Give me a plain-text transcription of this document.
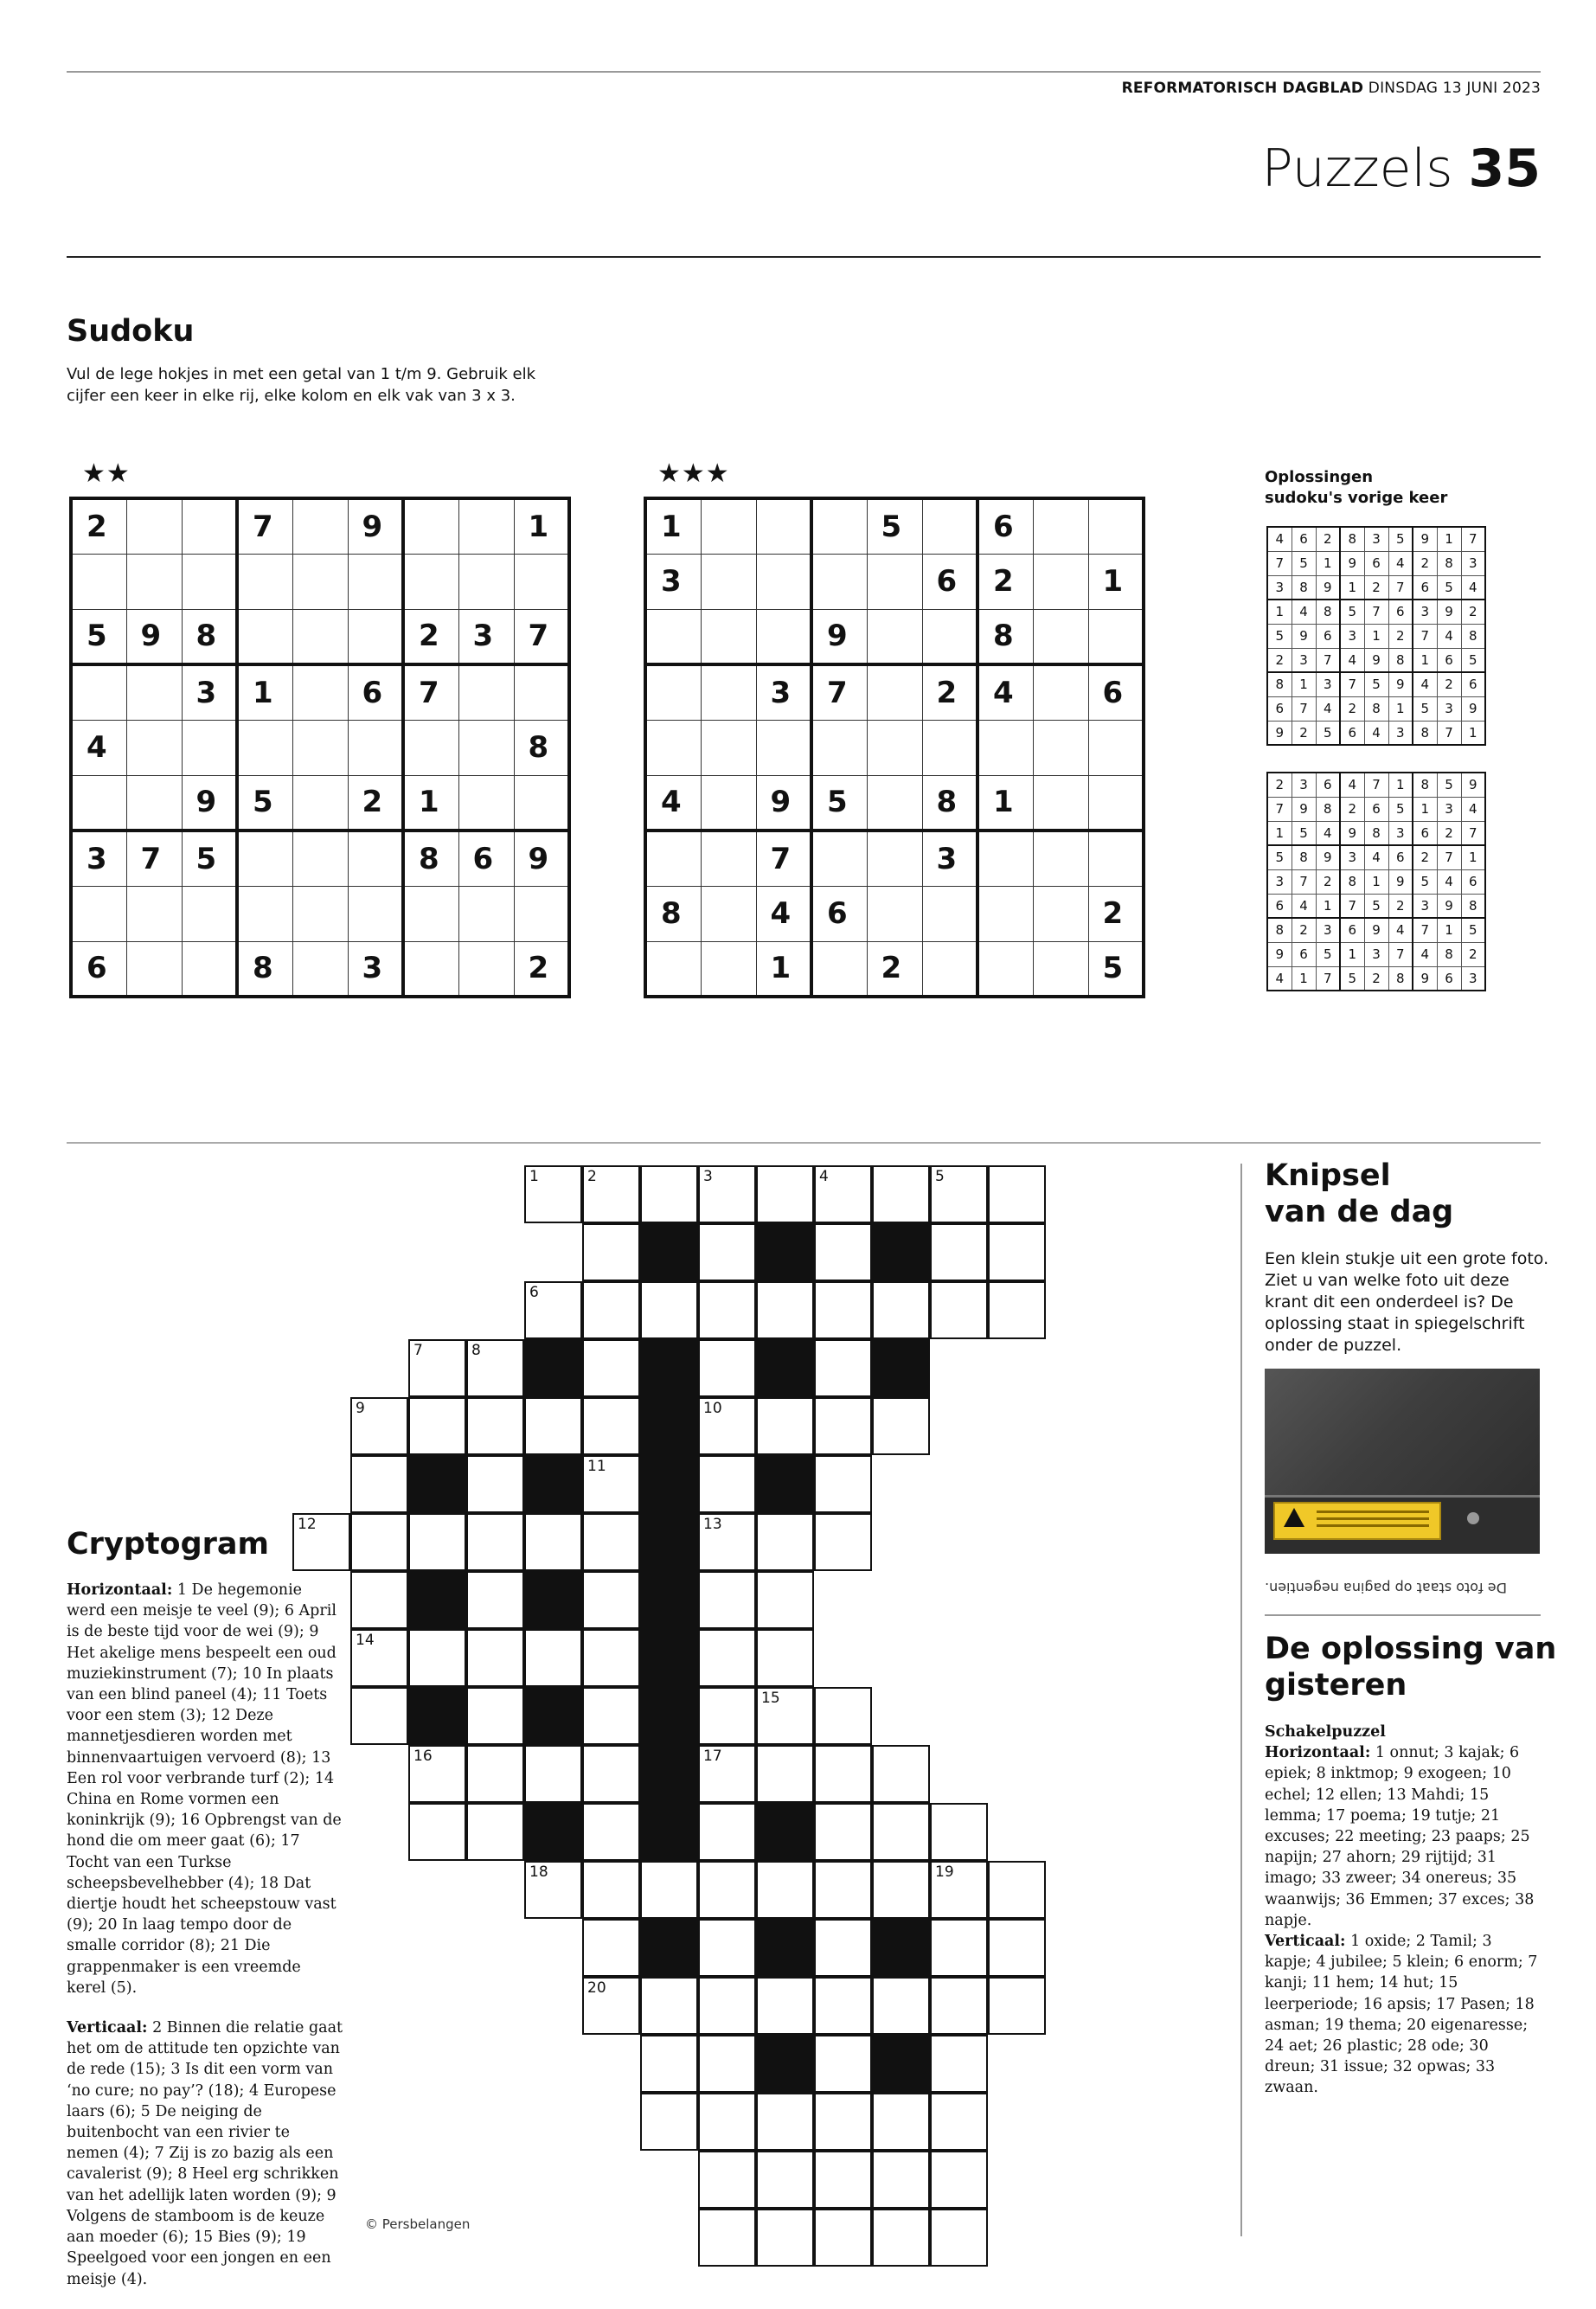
REFORMATORISCH DAGBLAD DINSDAG 13 JUNI 2023
Puzzels 35
Sudoku
Vul de lege hokjes in met een getal van 1 t/m 9. Gebruik elk cijfer een keer in elke rij, elke kolom en elk vak van 3 x 3.
★★
2			7		9			1

5	9	8				2	3	7
		3	1		6	7		
4								8
		9	5		2	1		
3	7	5				8	6	9

6			8		3			2
★★★
1				5		6		
3					6	2		1
			9			8		
		3	7		2	4		6

4		9	5		8	1		
		7			3			
8		4	6					2
		1		2				5
Oplossingen
sudoku's vorige keer
4	6	2	8	3	5	9	1	7
7	5	1	9	6	4	2	8	3
3	8	9	1	2	7	6	5	4
1	4	8	5	7	6	3	9	2
5	9	6	3	1	2	7	4	8
2	3	7	4	9	8	1	6	5
8	1	3	7	5	9	4	2	6
6	7	4	2	8	1	5	3	9
9	2	5	6	4	3	8	7	1
2	3	6	4	7	1	8	5	9
7	9	8	2	6	5	1	3	4
1	5	4	9	8	3	6	2	7
5	8	9	3	4	6	2	7	1
3	7	2	8	1	9	5	4	6
6	4	1	7	5	2	3	9	8
8	2	3	6	9	4	7	1	5
9	6	5	1	3	7	4	8	2
4	1	7	5	2	8	9	6	3
1	2	3	4	5
6
7	8
9	10
11
12	13
14
15
16	17
18	19
20
Cryptogram

Horizontaal: 1 De hegemonie werd een meisje te veel (9); 6 April is de beste tijd voor de wei (9); 9 Het akelige mens bespeelt een oud muziekinstrument (7); 10 In plaats van een blind paneel (4); 11 Toets voor een stem (3); 12 Deze mannetjesdieren worden met binnenvaartuigen vervoerd (8); 13 Een rol voor verbrande turf (2); 14 China en Rome vormen een koninkrijk (9); 16 Opbrengst van de hond die om meer gaat (6); 17 Tocht van een Turkse scheepsbevelhebber (4); 18 Dat diertje houdt het scheepstouw vast (9); 20 In laag tempo door de smalle corridor (8); 21 Die grappenmaker is een vreemde kerel (5).

Verticaal: 2 Binnen die relatie gaat het om de attitude ten opzichte van de rede (15); 3 Is dit een vorm van ‘no cure; no pay’? (18); 4 Europese laars (6); 5 De neiging de buitenbocht van een rivier te nemen (4); 7 Zij is zo bazig als een cavalerist (9); 8 Heel erg schrikken van het adellijk laten worden (9); 9 Volgens de stamboom is de keuze aan moeder (6); 15 Bies (9); 19 Speelgoed voor een jongen en een meisje (4).

© Persbelangen
Knipsel
van de dag
Een klein stukje uit een grote foto. Ziet u van welke foto uit deze krant dit een onderdeel is? De oplossing staat in spiegelschrift onder de puzzel.
De foto staat op pagina negentien.
De oplossing van
gisteren
Schakelpuzzel
Horizontaal: 1 onnut; 3 kajak; 6 epiek; 8 inktmop; 9 exogeen; 10 echel; 12 ellen; 13 Mahdi; 15 lemma; 17 poema; 19 tutje; 21 excuses; 22 meeting; 23 paaps; 25 napijn; 27 ahorn; 29 rijtijd; 31 imago; 33 zweer; 34 onereus; 35 waanwijs; 36 Emmen; 37 exces; 38 napje.
Verticaal: 1 oxide; 2 Tamil; 3 kapje; 4 jubilee; 5 klein; 6 enorm; 7 kanji; 11 hem; 14 hut; 15 leerperiode; 16 apsis; 17 Pasen; 18 asman; 19 thema; 20 eigenaresse; 24 aet; 26 plastic; 28 ode; 30 dreun; 31 issue; 32 opwas; 33 zwaan.
